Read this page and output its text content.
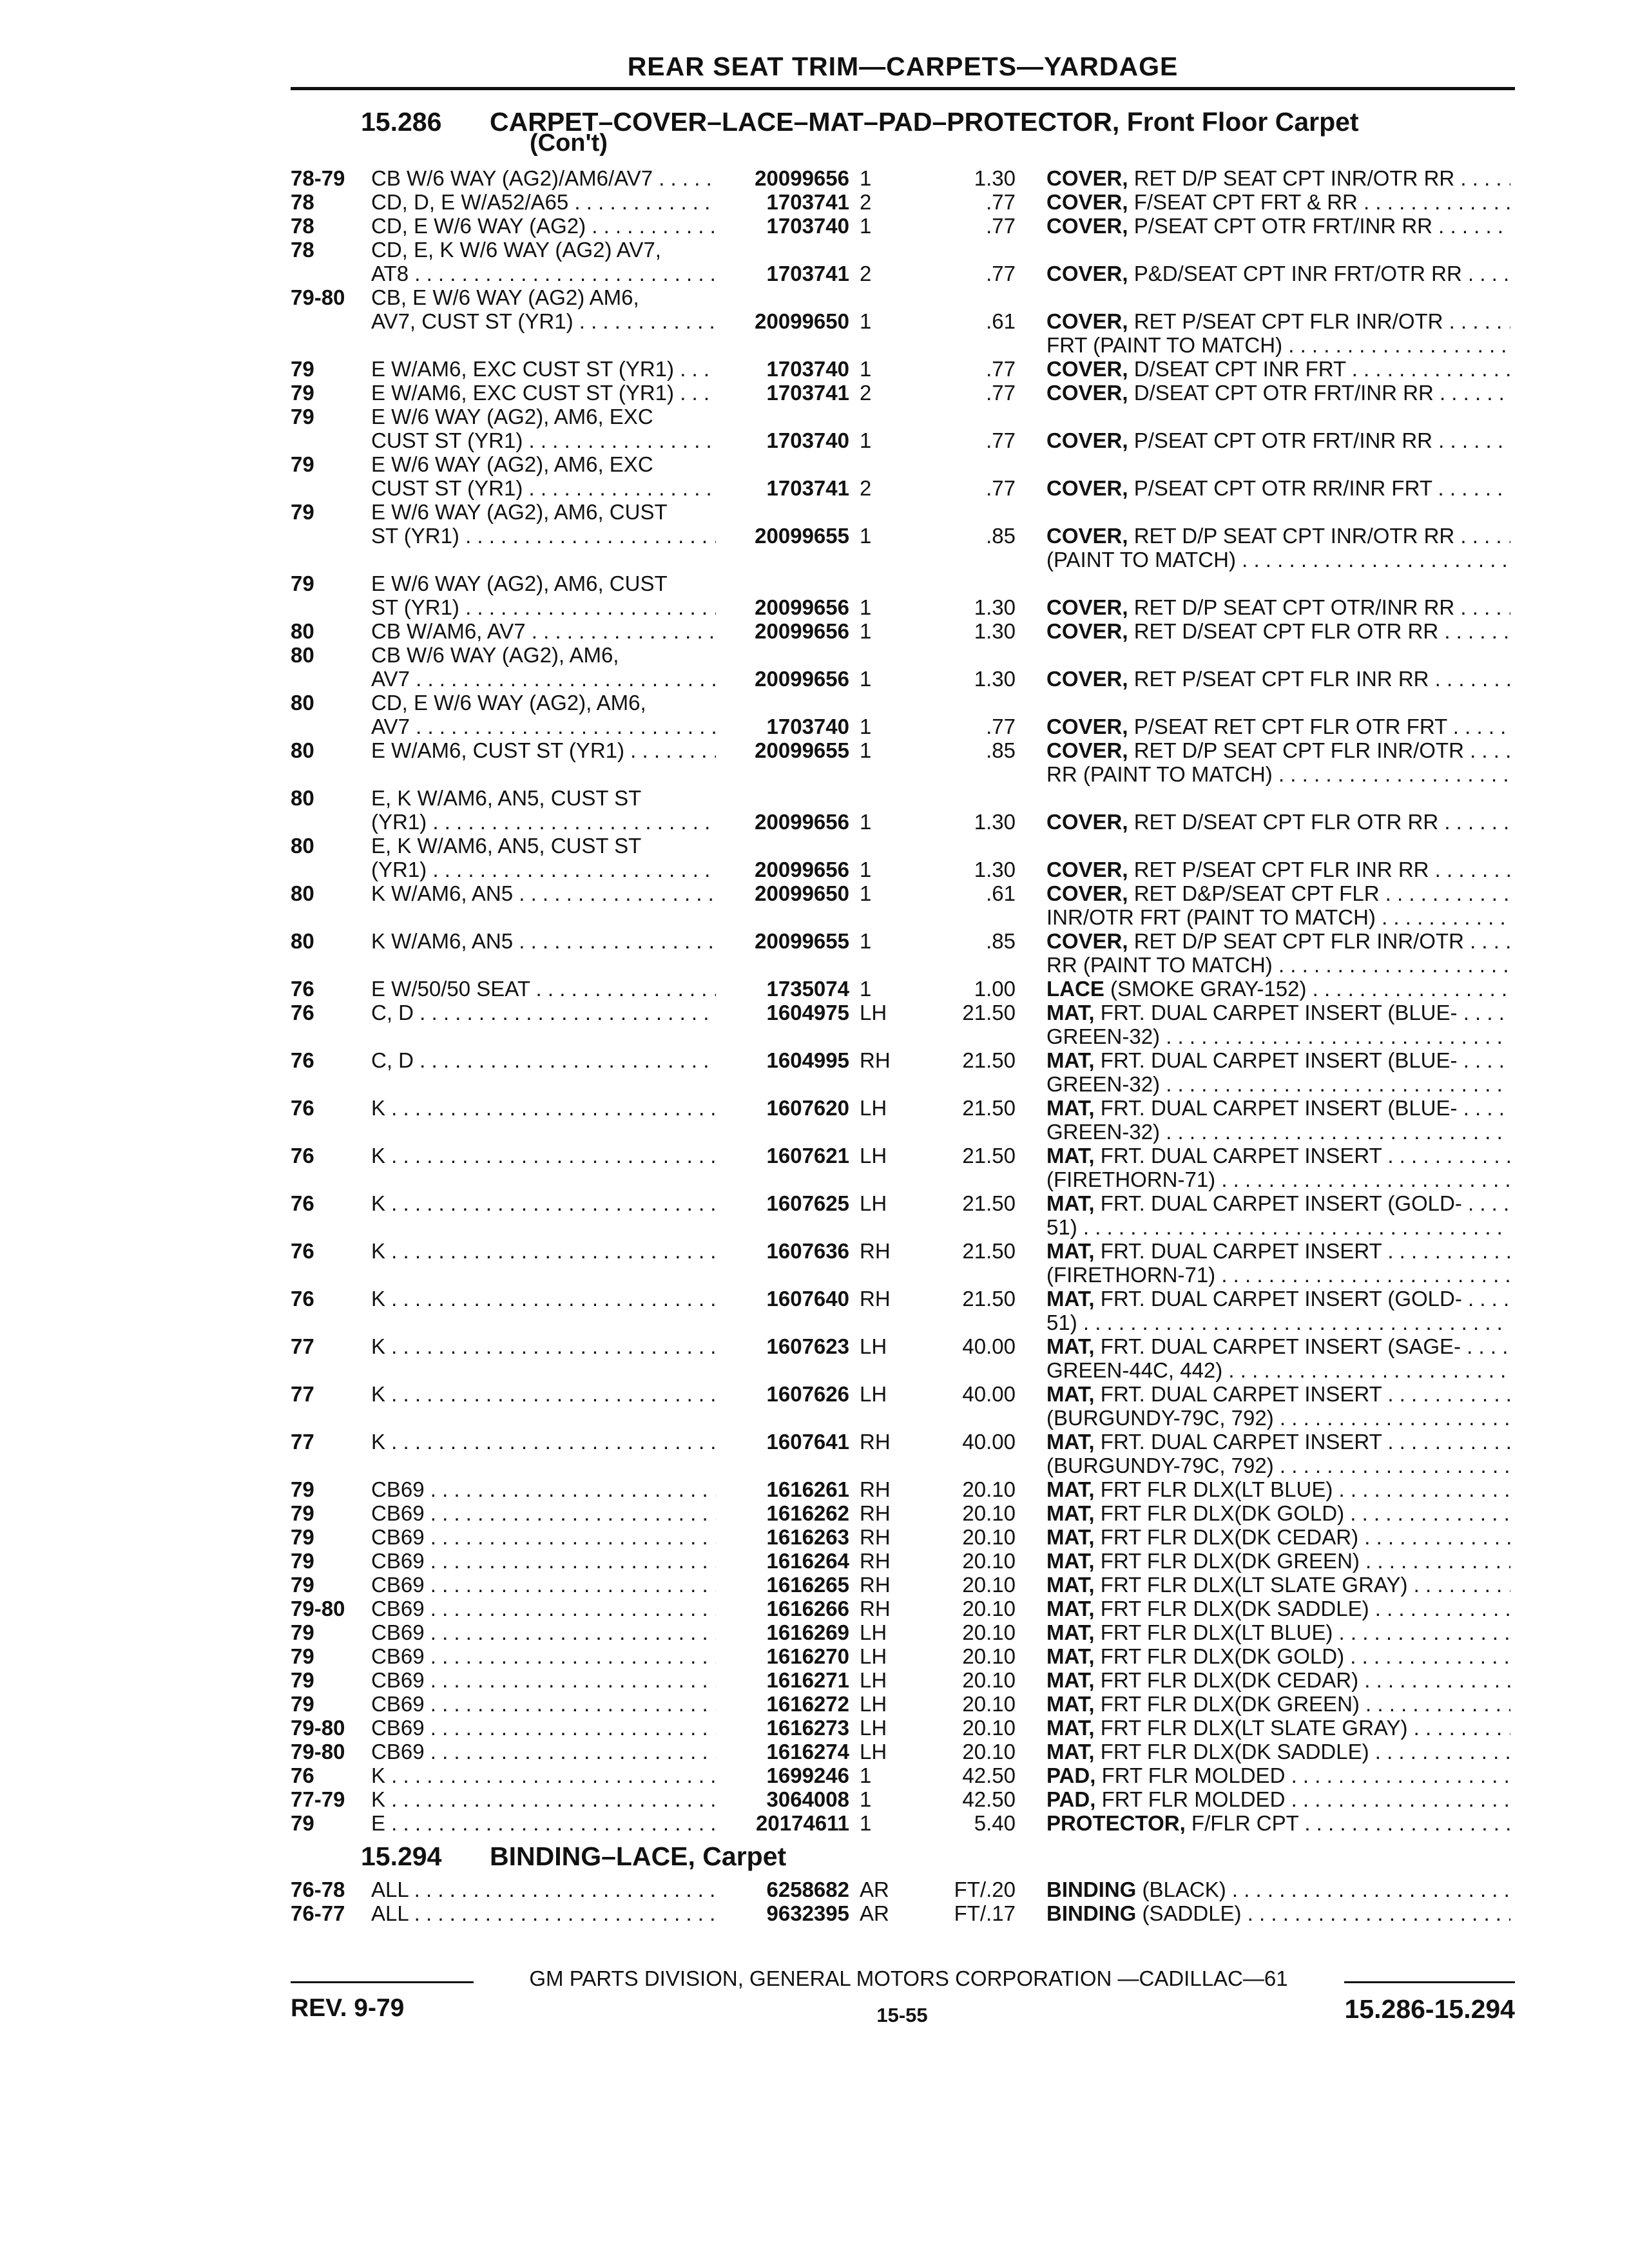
REAR SEAT TRIM—CARPETS—YARDAGE
15.286 CARPET–COVER–LACE–MAT–PAD–PROTECTOR, Front Floor Carpet
(Con't)
78-79 CB W/6 WAY (AG2)/AM6/AV7 . . .	20099656 1	1.30 COVER, RET D/P SEAT CPT INR/OTR RR . . .
78	CD, D, E W/A52/A65 . . .	1703741 2	.77 COVER, F/SEAT CPT FRT & RR . . .
78	CD, E W/6 WAY (AG2) . . .	1703740 1	.77 COVER, P/SEAT CPT OTR FRT/INR RR . . .
78	CD, E, K W/6 WAY (AG2) AV7,
AT8 . . .	1703741 2	.77 COVER, P&D/SEAT CPT INR FRT/OTR RR . . .
79-80 CB, E W/6 WAY (AG2) AM6,
AV7, CUST ST (YR1) . . .	20099650 1	.61 COVER, RET P/SEAT CPT FLR INR/OTR . . .
FRT (PAINT TO MATCH) . . .
79	E W/AM6, EXC CUST ST (YR1) . . .	1703740 1	.77 COVER, D/SEAT CPT INR FRT . . .
79	E W/AM6, EXC CUST ST (YR1) . . .	1703741 2	.77 COVER, D/SEAT CPT OTR FRT/INR RR . . .
79	E W/6 WAY (AG2), AM6, EXC
CUST ST (YR1) . . .	1703740 1	.77 COVER, P/SEAT CPT OTR FRT/INR RR . . .
79	E W/6 WAY (AG2), AM6, EXC
CUST ST (YR1) . . .	1703741 2	.77 COVER, P/SEAT CPT OTR RR/INR FRT . . .
79	E W/6 WAY (AG2), AM6, CUST
ST (YR1) . . .	20099655 1	.85 COVER, RET D/P SEAT CPT INR/OTR RR . . .
(PAINT TO MATCH) . . .
79	E W/6 WAY (AG2), AM6, CUST
ST (YR1) . . .	20099656 1	1.30 COVER, RET D/P SEAT CPT OTR/INR RR . . .
80	CB W/AM6, AV7 . . .	20099656 1	1.30 COVER, RET D/SEAT CPT FLR OTR RR . . .
80	CB W/6 WAY (AG2), AM6,
AV7 . . .	20099656 1	1.30 COVER, RET P/SEAT CPT FLR INR RR . . .
80	CD, E W/6 WAY (AG2), AM6,
AV7 . . .	1703740 1	.77 COVER, P/SEAT RET CPT FLR OTR FRT . . .
80	E W/AM6, CUST ST (YR1) . . .	20099655 1	.85 COVER, RET D/P SEAT CPT FLR INR/OTR . . .
RR (PAINT TO MATCH) . . .
80	E, K W/AM6, AN5, CUST ST
(YR1) . . .	20099656 1	1.30 COVER, RET D/SEAT CPT FLR OTR RR . . .
80	E, K W/AM6, AN5, CUST ST
(YR1) . . .	20099656 1	1.30 COVER, RET P/SEAT CPT FLR INR RR . . .
80	K W/AM6, AN5 . . .	20099650 1	.61 COVER, RET D&P/SEAT CPT FLR . . .
INR/OTR FRT (PAINT TO MATCH) . . .
80	K W/AM6, AN5 . . .	20099655 1	.85 COVER, RET D/P SEAT CPT FLR INR/OTR . . .
RR (PAINT TO MATCH) . . .
76	E W/50/50 SEAT . . .	1735074 1	1.00 LACE (SMOKE GRAY-152) . . .
76	C, D . . .	1604975 LH	21.50 MAT, FRT. DUAL CARPET INSERT (BLUE- . . .
GREEN-32) . . .
76	C, D . . .	1604995 RH	21.50 MAT, FRT. DUAL CARPET INSERT (BLUE- . . .
GREEN-32) . . .
76	K . . .	1607620 LH	21.50 MAT, FRT. DUAL CARPET INSERT (BLUE- . . .
GREEN-32) . . .
76	K . . .	1607621 LH	21.50 MAT, FRT. DUAL CARPET INSERT . . .
(FIRETHORN-71) . . .
76	K . . .	1607625 LH	21.50 MAT, FRT. DUAL CARPET INSERT (GOLD- . . .
51) . . .
76	K . . .	1607636 RH	21.50 MAT, FRT. DUAL CARPET INSERT . . .
(FIRETHORN-71) . . .
76	K . . .	1607640 RH	21.50 MAT, FRT. DUAL CARPET INSERT (GOLD- . . .
51) . . .
77	K . . .	1607623 LH	40.00 MAT, FRT. DUAL CARPET INSERT (SAGE- . . .
GREEN-44C, 442) . . .
77	K . . .	1607626 LH	40.00 MAT, FRT. DUAL CARPET INSERT . . .
(BURGUNDY-79C, 792) . . .
77	K . . .	1607641 RH	40.00 MAT, FRT. DUAL CARPET INSERT . . .
(BURGUNDY-79C, 792) . . .
79	CB69 . . .	1616261 RH	20.10 MAT, FRT FLR DLX(LT BLUE) . . .
79	CB69 . . .	1616262 RH	20.10 MAT, FRT FLR DLX(DK GOLD) . . .
79	CB69 . . .	1616263 RH	20.10 MAT, FRT FLR DLX(DK CEDAR) . . .
79	CB69 . . .	1616264 RH	20.10 MAT, FRT FLR DLX(DK GREEN) . . .
79	CB69 . . .	1616265 RH	20.10 MAT, FRT FLR DLX(LT SLATE GRAY) . . .
79-80 CB69 . . .	1616266 RH	20.10 MAT, FRT FLR DLX(DK SADDLE) . . .
79	CB69 . . .	1616269 LH	20.10 MAT, FRT FLR DLX(LT BLUE) . . .
79	CB69 . . .	1616270 LH	20.10 MAT, FRT FLR DLX(DK GOLD) . . .
79	CB69 . . .	1616271 LH	20.10 MAT, FRT FLR DLX(DK CEDAR) . . .
79	CB69 . . .	1616272 LH	20.10 MAT, FRT FLR DLX(DK GREEN) . . .
79-80 CB69 . . .	1616273 LH	20.10 MAT, FRT FLR DLX(LT SLATE GRAY) . . .
79-80 CB69 . . .	1616274 LH	20.10 MAT, FRT FLR DLX(DK SADDLE) . . .
76	K . . .	1699246 1	42.50 PAD, FRT FLR MOLDED . . .
77-79 K . . .	3064008 1	42.50 PAD, FRT FLR MOLDED . . .
79	E . . .	20174611 1	5.40 PROTECTOR, F/FLR CPT . . .
15.294 BINDING–LACE, Carpet
76-78 ALL . . .	6258682 AR	FT/.20 BINDING (BLACK) . . .
76-77 ALL . . .	9632395 AR	FT/.17 BINDING (SADDLE) . . .
GM PARTS DIVISION, GENERAL MOTORS CORPORATION —CADILLAC—61
REV. 9-79	15-55	15.286-15.294
